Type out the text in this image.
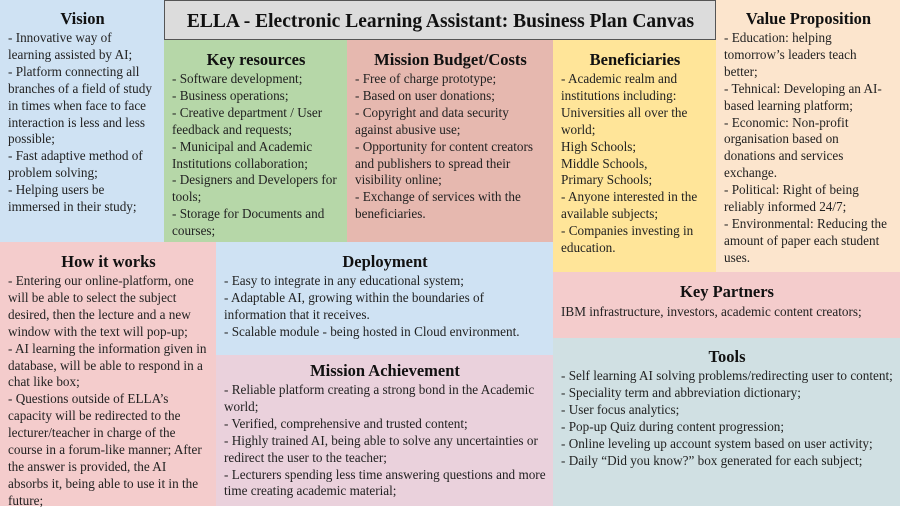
ELLA - Electronic Learning Assistant: Business Plan Canvas
Vision
- Innovative way of learning assisted by AI;
- Platform connecting all branches of a field of study in times when face to face interaction is less and less possible;
- Fast adaptive method of problem solving;
- Helping users be immersed in their study;
Key resources
- Software development;
- Business operations;
- Creative department / User feedback and requests;
- Municipal and Academic Institutions collaboration;
- Designers and Developers for tools;
- Storage for Documents and courses;
Mission Budget/Costs
- Free of charge prototype;
- Based on user donations;
- Copyright and data security against abusive use;
- Opportunity for content creators and publishers to spread their visibility online;
- Exchange of services with the beneficiaries.
Beneficiaries
- Academic realm and institutions including: Universities all over the world;
High Schools;
Middle Schools,
Primary Schools;
- Anyone interested in the available subjects;
- Companies investing in education.
Value Proposition
- Education: helping tomorrow’s leaders teach better;
- Tehnical: Developing an AI-based learning platform;
- Economic: Non-profit organisation based on donations and services exchange.
- Political: Right of being reliably informed 24/7;
- Environmental: Reducing the amount of paper each student uses.
How it works
- Entering our online-platform, one will be able to select the subject desired, then the lecture and a new window with the text will pop-up;
- AI learning the information given in database, will be able to respond in a chat like box;
- Questions outside of ELLA’s capacity will be redirected to the lecturer/teacher in charge of the course in a forum-like manner; After the answer is provided, the AI absorbs it, being able to use it in the future;
Deployment
- Easy to integrate in any educational system;
- Adaptable AI, growing within the boundaries of information that it receives.
- Scalable module - being hosted in Cloud environment.
Mission Achievement
- Reliable platform creating a strong bond in the Academic world;
- Verified, comprehensive and trusted content;
- Highly trained AI, being able to solve any uncertainties or redirect the user to the teacher;
- Lecturers spending less time answering questions and more time creating academic material;
Key Partners

IBM infrastructure, investors, academic content creators;

Tools
- Self learning AI solving problems/redirecting user to content;
- Speciality term and abbreviation dictionary;
- User focus analytics;
- Pop-up Quiz during content progression;
- Online leveling up account system based on user activity;
- Daily “Did you know?” box generated for each subject;
